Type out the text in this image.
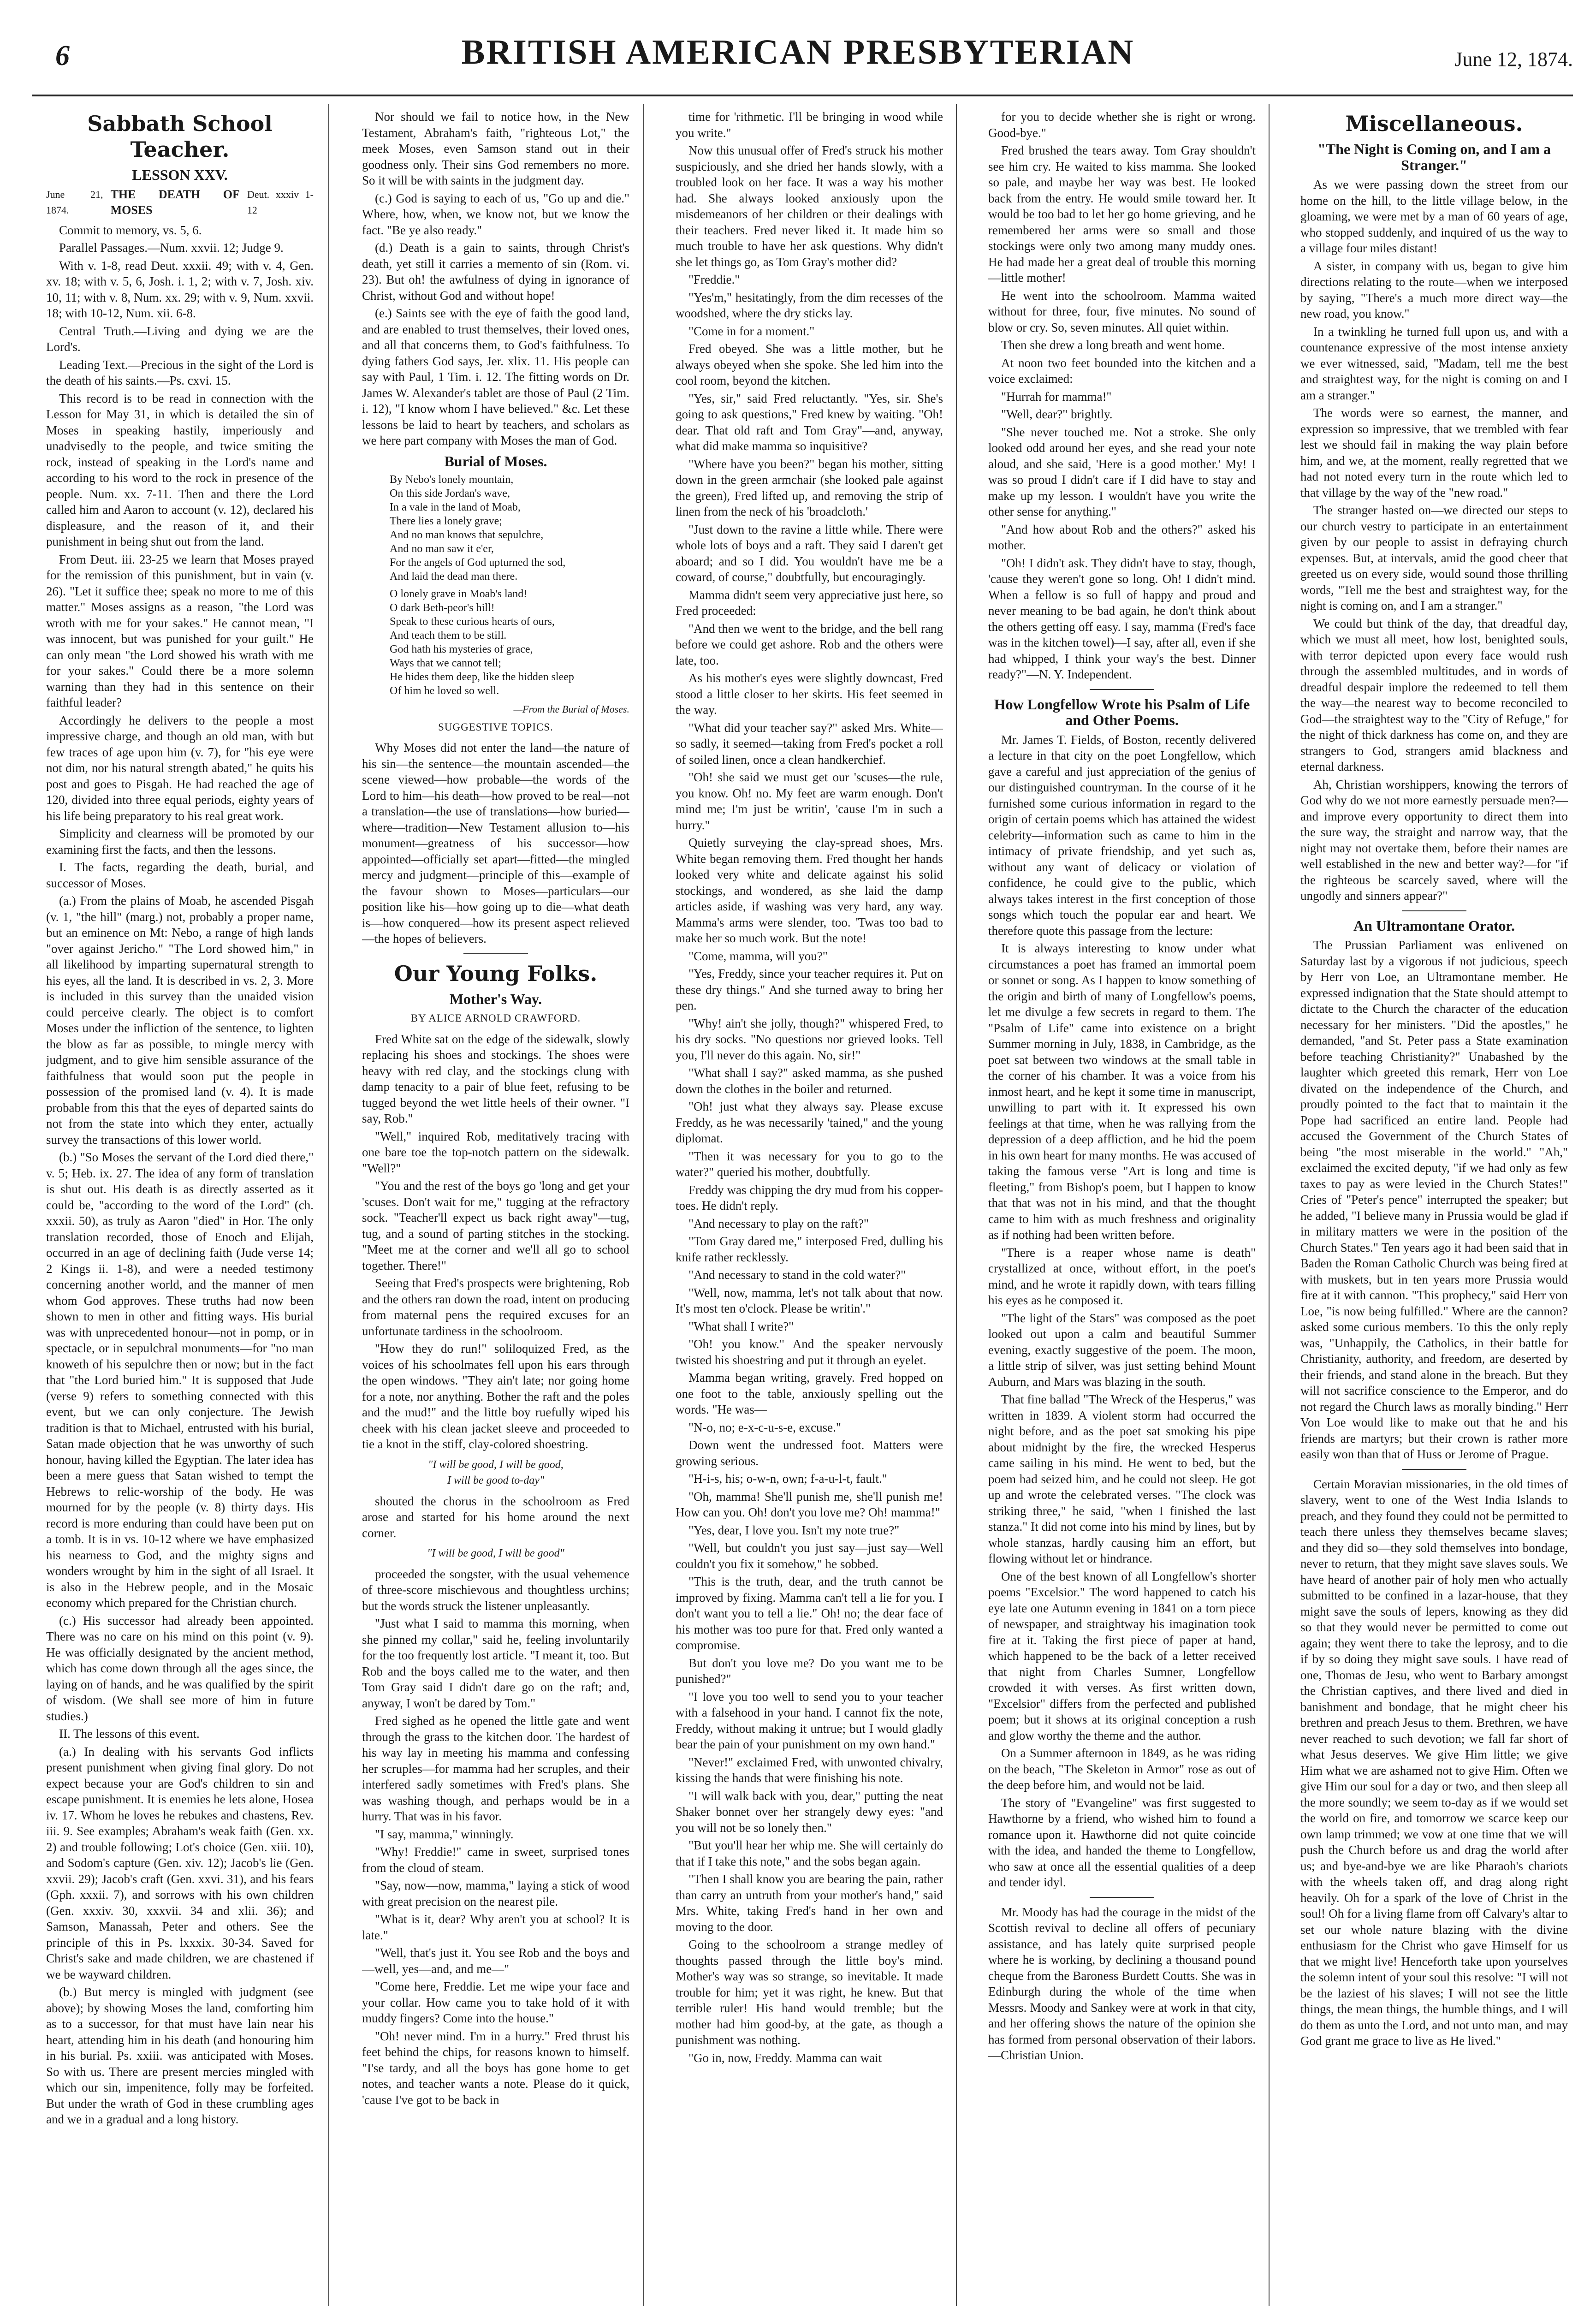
6	BRITISH AMERICAN PRESBYTERIAN	June 12, 1874.
Sabbath School Teacher.
LESSON XXV.
June 21, 1874.
THE DEATH OF MOSES
Deut. xxxiv 1-12

Commit to memory, vs. 5, 6.

Parallel Passages.—Num. xxvii. 12; Judge 9.

With v. 1-8, read Deut. xxxii. 49; with v. 4, Gen. xv. 18; with v. 5, 6, Josh. i. 1, 2; with v. 7, Josh. xiv. 10, 11; with v. 8, Num. xx. 29; with v. 9, Num. xxvii. 18; with 10-12, Num. xii. 6-8.

Central Truth.—Living and dying we are the Lord's.

Leading Text.—Precious in the sight of the Lord is the death of his saints.—Ps. cxvi. 15.

This record is to be read in connection with the Lesson for May 31, in which is detailed the sin of Moses in speaking hastily, imperiously and unadvisedly to the people, and twice smiting the rock, instead of speaking in the Lord's name and according to his word to the rock in presence of the people. Num. xx. 7-11. Then and there the Lord called him and Aaron to account (v. 12), declared his displeasure, and the reason of it, and their punishment in being shut out from the land.

From Deut. iii. 23-25 we learn that Moses prayed for the remission of this punishment, but in vain (v. 26). "Let it suffice thee; speak no more to me of this matter." Moses assigns as a reason, "the Lord was wroth with me for your sakes." He cannot mean, "I was innocent, but was punished for your guilt." He can only mean "the Lord showed his wrath with me for your sakes." Could there be a more solemn warning than they had in this sentence on their faithful leader?

Accordingly he delivers to the people a most impressive charge, and though an old man, with but few traces of age upon him (v. 7), for "his eye were not dim, nor his natural strength abated," he quits his post and goes to Pisgah. He had reached the age of 120, divided into three equal periods, eighty years of his life being preparatory to his real great work.

Simplicity and clearness will be promoted by our examining first the facts, and then the lessons.

I. The facts, regarding the death, burial, and successor of Moses.

(a.) From the plains of Moab, he ascended Pisgah (v. 1, "the hill" (marg.) not, probably a proper name, but an eminence on Mt: Nebo, a range of high lands "over against Jericho." "The Lord showed him," in all likelihood by imparting supernatural strength to his eyes, all the land. It is described in vs. 2, 3. More is included in this survey than the unaided vision could perceive clearly. The object is to comfort Moses under the infliction of the sentence, to lighten the blow as far as possible, to mingle mercy with judgment, and to give him sensible assurance of the faithfulness that would soon put the people in possession of the promised land (v. 4). It is made probable from this that the eyes of departed saints do not from the state into which they enter, actually survey the transactions of this lower world.

(b.) "So Moses the servant of the Lord died there," v. 5; Heb. ix. 27. The idea of any form of translation is shut out. His death is as directly asserted as it could be, "according to the word of the Lord" (ch. xxxii. 50), as truly as Aaron "died" in Hor. The only translation recorded, those of Enoch and Elijah, occurred in an age of declining faith (Jude verse 14; 2 Kings ii. 1-8), and were a needed testimony concerning another world, and the manner of men whom God approves. These truths had now been shown to men in other and fitting ways. His burial was with unprecedented honour—not in pomp, or in spectacle, or in sepulchral monuments—for "no man knoweth of his sepulchre then or now; but in the fact that "the Lord buried him." It is supposed that Jude (verse 9) refers to something connected with this event, but we can only conjecture. The Jewish tradition is that to Michael, entrusted with his burial, Satan made objection that he was unworthy of such honour, having killed the Egyptian. The later idea has been a mere guess that Satan wished to tempt the Hebrews to relic-worship of the body. He was mourned for by the people (v. 8) thirty days. His record is more enduring than could have been put on a tomb. It is in vs. 10-12 where we have emphasized his nearness to God, and the mighty signs and wonders wrought by him in the sight of all Israel. It is also in the Hebrew people, and in the Mosaic economy which prepared for the Christian church.

(c.) His successor had already been appointed. There was no care on his mind on this point (v. 9). He was officially designated by the ancient method, which has come down through all the ages since, the laying on of hands, and he was qualified by the spirit of wisdom. (We shall see more of him in future studies.)

II. The lessons of this event.

(a.) In dealing with his servants God inflicts present punishment when giving final glory. Do not expect because your are God's children to sin and escape punishment. It is enemies he lets alone, Hosea iv. 17. Whom he loves he rebukes and chastens, Rev. iii. 9. See examples; Abraham's weak faith (Gen. xx. 2) and trouble following; Lot's choice (Gen. xiii. 10), and Sodom's capture (Gen. xiv. 12); Jacob's lie (Gen. xxvii. 29); Jacob's craft (Gen. xxvi. 31), and his fears (Gph. xxxii. 7), and sorrows with his own children (Gen. xxxiv. 30, xxxvii. 34 and xlii. 36); and Samson, Manassah, Peter and others. See the principle of this in Ps. lxxxix. 30-34. Saved for Christ's sake and made children, we are chastened if we be wayward children.

(b.) But mercy is mingled with judgment (see above); by showing Moses the land, comforting him as to a successor, for that must have lain near his heart, attending him in his death (and honouring him in his burial. Ps. xxiii. was anticipated with Moses. So with us. There are present mercies mingled with which our sin, impenitence, folly may be forfeited. But under the wrath of God in these crumbling ages and we in a gradual and a long history.

Nor should we fail to notice how, in the New Testament, Abraham's faith, "righteous Lot," the meek Moses, even Samson stand out in their goodness only. Their sins God remembers no more. So it will be with saints in the judgment day.

(c.) God is saying to each of us, "Go up and die." Where, how, when, we know not, but we know the fact. "Be ye also ready."

(d.) Death is a gain to saints, through Christ's death, yet still it carries a memento of sin (Rom. vi. 23). But oh! the awfulness of dying in ignorance of Christ, without God and without hope!

(e.) Saints see with the eye of faith the good land, and are enabled to trust themselves, their loved ones, and all that concerns them, to God's faithfulness. To dying fathers God says, Jer. xlix. 11. His people can say with Paul, 1 Tim. i. 12. The fitting words on Dr. James W. Alexander's tablet are those of Paul (2 Tim. i. 12), "I know whom I have believed." &c. Let these lessons be laid to heart by teachers, and scholars as we here part company with Moses the man of God.

Burial of Moses.
By Nebo's lonely mountain,
On this side Jordan's wave,
In a vale in the land of Moab,
There lies a lonely grave;
And no man knows that sepulchre,
And no man saw it e'er,
For the angels of God upturned the sod,
And laid the dead man there.
O lonely grave in Moab's land!
O dark Beth-peor's hill!
Speak to these curious hearts of ours,
And teach them to be still.
God hath his mysteries of grace,
Ways that we cannot tell;
He hides them deep, like the hidden sleep
Of him he loved so well.
—From the Burial of Moses.
SUGGESTIVE TOPICS.

Why Moses did not enter the land—the nature of his sin—the sentence—the mountain ascended—the scene viewed—how probable—the words of the Lord to him—his death—how proved to be real—not a translation—the use of translations—how buried—where—tradition—New Testament allusion to—his monument—greatness of his successor—how appointed—officially set apart—fitted—the mingled mercy and judgment—principle of this—example of the favour shown to Moses—particulars—our position like his—how going up to die—what death is—how conquered—how its present aspect relieved—the hopes of believers.

Our Young Folks.
Mother's Way.
BY ALICE ARNOLD CRAWFORD.

Fred White sat on the edge of the sidewalk, slowly replacing his shoes and stockings. The shoes were heavy with red clay, and the stockings clung with damp tenacity to a pair of blue feet, refusing to be tugged beyond the wet little heels of their owner. "I say, Rob."

"Well," inquired Rob, meditatively tracing with one bare toe the top-notch pattern on the sidewalk. "Well?"

"You and the rest of the boys go 'long and get your 'scuses. Don't wait for me," tugging at the refractory sock. "Teacher'll expect us back right away"—tug, tug, and a sound of parting stitches in the stocking. "Meet me at the corner and we'll all go to school together. There!"

Seeing that Fred's prospects were brightening, Rob and the others ran down the road, intent on producing from maternal pens the required excuses for an unfortunate tardiness in the schoolroom.

"How they do run!" soliloquized Fred, as the voices of his schoolmates fell upon his ears through the open windows. "They ain't late; nor going home for a note, nor anything. Bother the raft and the poles and the mud!" and the little boy ruefully wiped his cheek with his clean jacket sleeve and proceeded to tie a knot in the stiff, clay-colored shoestring.

"I will be good, I will be good,
I will be good to-day"

shouted the chorus in the schoolroom as Fred arose and started for his home around the next corner.

"I will be good, I will be good"

proceeded the songster, with the usual vehemence of three-score mischievous and thoughtless urchins; but the words struck the listener unpleasantly.

"Just what I said to mamma this morning, when she pinned my collar," said he, feeling involuntarily for the too frequently lost article. "I meant it, too. But Rob and the boys called me to the water, and then Tom Gray said I didn't dare go on the raft; and, anyway, I won't be dared by Tom."

Fred sighed as he opened the little gate and went through the grass to the kitchen door. The hardest of his way lay in meeting his mamma and confessing her scruples—for mamma had her scruples, and their interfered sadly sometimes with Fred's plans. She was washing though, and perhaps would be in a hurry. That was in his favor.

"I say, mamma," winningly.

"Why! Freddie!" came in sweet, surprised tones from the cloud of steam.

"Say, now—now, mamma," laying a stick of wood with great precision on the nearest pile.

"What is it, dear? Why aren't you at school? It is late."

"Well, that's just it. You see Rob and the boys and—well, yes—and, and me—"

"Come here, Freddie. Let me wipe your face and your collar. How came you to take hold of it with muddy fingers? Come into the house."

"Oh! never mind. I'm in a hurry." Fred thrust his feet behind the chips, for reasons known to himself. "I'se tardy, and all the boys has gone home to get notes, and teacher wants a note. Please do it quick, 'cause I've got to be back in

time for 'rithmetic. I'll be bringing in wood while you write."

Now this unusual offer of Fred's struck his mother suspiciously, and she dried her hands slowly, with a troubled look on her face. It was a way his mother had. She always looked anxiously upon the misdemeanors of her children or their dealings with their teachers. Fred never liked it. It made him so much trouble to have her ask questions. Why didn't she let things go, as Tom Gray's mother did?

"Freddie."

"Yes'm," hesitatingly, from the dim recesses of the woodshed, where the dry sticks lay.

"Come in for a moment."

Fred obeyed. She was a little mother, but he always obeyed when she spoke. She led him into the cool room, beyond the kitchen.

"Yes, sir," said Fred reluctantly. "Yes, sir. She's going to ask questions," Fred knew by waiting. "Oh! dear. That old raft and Tom Gray"—and, anyway, what did make mamma so inquisitive?

"Where have you been?" began his mother, sitting down in the green armchair (she looked pale against the green), Fred lifted up, and removing the strip of linen from the neck of his 'broadcloth.'

"Just down to the ravine a little while. There were whole lots of boys and a raft. They said I daren't get aboard; and so I did. You wouldn't have me be a coward, of course," doubtfully, but encouragingly.

Mamma didn't seem very appreciative just here, so Fred proceeded:

"And then we went to the bridge, and the bell rang before we could get ashore. Rob and the others were late, too.

As his mother's eyes were slightly downcast, Fred stood a little closer to her skirts. His feet seemed in the way.

"What did your teacher say?" asked Mrs. White—so sadly, it seemed—taking from Fred's pocket a roll of soiled linen, once a clean handkerchief.

"Oh! she said we must get our 'scuses—the rule, you know. Oh! no. My feet are warm enough. Don't mind me; I'm just be writin', 'cause I'm in such a hurry."

Quietly surveying the clay-spread shoes, Mrs. White began removing them. Fred thought her hands looked very white and delicate against his solid stockings, and wondered, as she laid the damp articles aside, if washing was very hard, any way. Mamma's arms were slender, too. 'Twas too bad to make her so much work. But the note!

"Come, mamma, will you?"

"Yes, Freddy, since your teacher requires it. Put on these dry things." And she turned away to bring her pen.

"Why! ain't she jolly, though?" whispered Fred, to his dry socks. "No questions nor grieved looks. Tell you, I'll never do this again. No, sir!"

"What shall I say?" asked mamma, as she pushed down the clothes in the boiler and returned.

"Oh! just what they always say. Please excuse Freddy, as he was necessarily 'tained," and the young diplomat.

"Then it was necessary for you to go to the water?" queried his mother, doubtfully.

Freddy was chipping the dry mud from his copper-toes. He didn't reply.

"And necessary to play on the raft?"

"Tom Gray dared me," interposed Fred, dulling his knife rather recklessly.

"And necessary to stand in the cold water?"

"Well, now, mamma, let's not talk about that now. It's most ten o'clock. Please be writin'."

"What shall I write?"

"Oh! you know." And the speaker nervously twisted his shoestring and put it through an eyelet.

Mamma began writing, gravely. Fred hopped on one foot to the table, anxiously spelling out the words. "He was—

"N-o, no; e-x-c-u-s-e, excuse."

Down went the undressed foot. Matters were growing serious.

"H-i-s, his; o-w-n, own; f-a-u-l-t, fault."

"Oh, mamma! She'll punish me, she'll punish me! How can you. Oh! don't you love me? Oh! mamma!"

"Yes, dear, I love you. Isn't my note true?"

"Well, but couldn't you just say—just say—Well couldn't you fix it somehow," he sobbed.

"This is the truth, dear, and the truth cannot be improved by fixing. Mamma can't tell a lie for you. I don't want you to tell a lie." Oh! no; the dear face of his mother was too pure for that. Fred only wanted a compromise.

But don't you love me? Do you want me to be punished?"

"I love you too well to send you to your teacher with a falsehood in your hand. I cannot fix the note, Freddy, without making it untrue; but I would gladly bear the pain of your punishment on my own hand."

"Never!" exclaimed Fred, with unwonted chivalry, kissing the hands that were finishing his note.

"I will walk back with you, dear," putting the neat Shaker bonnet over her strangely dewy eyes: "and you will not be so lonely then."

"But you'll hear her whip me. She will certainly do that if I take this note," and the sobs began again.

"Then I shall know you are bearing the pain, rather than carry an untruth from your mother's hand," said Mrs. White, taking Fred's hand in her own and moving to the door.

Going to the schoolroom a strange medley of thoughts passed through the little boy's mind. Mother's way was so strange, so inevitable. It made trouble for him; yet it was right, he knew. But that terrible ruler! His hand would tremble; but the mother had him good-by, at the gate, as though a punishment was nothing.

"Go in, now, Freddy. Mamma can wait

for you to decide whether she is right or wrong. Good-bye."

Fred brushed the tears away. Tom Gray shouldn't see him cry. He waited to kiss mamma. She looked so pale, and maybe her way was best. He looked back from the entry. He would smile toward her. It would be too bad to let her go home grieving, and he remembered her arms were so small and those stockings were only two among many muddy ones. He had made her a great deal of trouble this morning—little mother!

He went into the schoolroom. Mamma waited without for three, four, five minutes. No sound of blow or cry. So, seven minutes. All quiet within.

Then she drew a long breath and went home.

At noon two feet bounded into the kitchen and a voice exclaimed:

"Hurrah for mamma!"

"Well, dear?" brightly.

"She never touched me. Not a stroke. She only looked odd around her eyes, and she read your note aloud, and she said, 'Here is a good mother.' My! I was so proud I didn't care if I did have to stay and make up my lesson. I wouldn't have you write the other sense for anything."

"And how about Rob and the others?" asked his mother.

"Oh! I didn't ask. They didn't have to stay, though, 'cause they weren't gone so long. Oh! I didn't mind. When a fellow is so full of happy and proud and never meaning to be bad again, he don't think about the others getting off easy. I say, mamma (Fred's face was in the kitchen towel)—I say, after all, even if she had whipped, I think your way's the best. Dinner ready?"—N. Y. Independent.

How Longfellow Wrote his Psalm of Life and Other Poems.

Mr. James T. Fields, of Boston, recently delivered a lecture in that city on the poet Longfellow, which gave a careful and just appreciation of the genius of our distinguished countryman. In the course of it he furnished some curious information in regard to the origin of certain poems which has attained the widest celebrity—information such as came to him in the intimacy of private friendship, and yet such as, without any want of delicacy or violation of confidence, he could give to the public, which always takes interest in the first conception of those songs which touch the popular ear and heart. We therefore quote this passage from the lecture:

It is always interesting to know under what circumstances a poet has framed an immortal poem or sonnet or song. As I happen to know something of the origin and birth of many of Longfellow's poems, let me divulge a few secrets in regard to them. The "Psalm of Life" came into existence on a bright Summer morning in July, 1838, in Cambridge, as the poet sat between two windows at the small table in the corner of his chamber. It was a voice from his inmost heart, and he kept it some time in manuscript, unwilling to part with it. It expressed his own feelings at that time, when he was rallying from the depression of a deep affliction, and he hid the poem in his own heart for many months. He was accused of taking the famous verse "Art is long and time is fleeting," from Bishop's poem, but I happen to know that that was not in his mind, and that the thought came to him with as much freshness and originality as if nothing had been written before.

"There is a reaper whose name is death" crystallized at once, without effort, in the poet's mind, and he wrote it rapidly down, with tears filling his eyes as he composed it.

"The light of the Stars" was composed as the poet looked out upon a calm and beautiful Summer evening, exactly suggestive of the poem. The moon, a little strip of silver, was just setting behind Mount Auburn, and Mars was blazing in the south.

That fine ballad "The Wreck of the Hesperus," was written in 1839. A violent storm had occurred the night before, and as the poet sat smoking his pipe about midnight by the fire, the wrecked Hesperus came sailing in his mind. He went to bed, but the poem had seized him, and he could not sleep. He got up and wrote the celebrated verses. "The clock was striking three," he said, "when I finished the last stanza." It did not come into his mind by lines, but by whole stanzas, hardly causing him an effort, but flowing without let or hindrance.

One of the best known of all Longfellow's shorter poems "Excelsior." The word happened to catch his eye late one Autumn evening in 1841 on a torn piece of newspaper, and straightway his imagination took fire at it. Taking the first piece of paper at hand, which happened to be the back of a letter received that night from Charles Sumner, Longfellow crowded it with verses. As first written down, "Excelsior" differs from the perfected and published poem; but it shows at its original conception a rush and glow worthy the theme and the author.

On a Summer afternoon in 1849, as he was riding on the beach, "The Skeleton in Armor" rose as out of the deep before him, and would not be laid.

The story of "Evangeline" was first suggested to Hawthorne by a friend, who wished him to found a romance upon it. Hawthorne did not quite coincide with the idea, and handed the theme to Longfellow, who saw at once all the essential qualities of a deep and tender idyl.

Mr. Moody has had the courage in the midst of the Scottish revival to decline all offers of pecuniary assistance, and has lately quite surprised people where he is working, by declining a thousand pound cheque from the Baroness Burdett Coutts. She was in Edinburgh during the whole of the time when Messrs. Moody and Sankey were at work in that city, and her offering shows the nature of the opinion she has formed from personal observation of their labors.—Christian Union.

Miscellaneous.
"The Night is Coming on, and I am a Stranger."

As we were passing down the street from our home on the hill, to the little village below, in the gloaming, we were met by a man of 60 years of age, who stopped suddenly, and inquired of us the way to a village four miles distant!

A sister, in company with us, began to give him directions relating to the route—when we interposed by saying, "There's a much more direct way—the new road, you know."

In a twinkling he turned full upon us, and with a countenance expressive of the most intense anxiety we ever witnessed, said, "Madam, tell me the best and straightest way, for the night is coming on and I am a stranger."

The words were so earnest, the manner, and expression so impressive, that we trembled with fear lest we should fail in making the way plain before him, and we, at the moment, really regretted that we had not noted every turn in the route which led to that village by the way of the "new road."

The stranger hasted on—we directed our steps to our church vestry to participate in an entertainment given by our people to assist in defraying church expenses. But, at intervals, amid the good cheer that greeted us on every side, would sound those thrilling words, "Tell me the best and straightest way, for the night is coming on, and I am a stranger."

We could but think of the day, that dreadful day, which we must all meet, how lost, benighted souls, with terror depicted upon every face would rush through the assembled multitudes, and in words of dreadful despair implore the redeemed to tell them the way—the nearest way to become reconciled to God—the straightest way to the "City of Refuge," for the night of thick darkness has come on, and they are strangers to God, strangers amid blackness and eternal darkness.

Ah, Christian worshippers, knowing the terrors of God why do we not more earnestly persuade men?—and improve every opportunity to direct them into the sure way, the straight and narrow way, that the night may not overtake them, before their names are well established in the new and better way?—for "if the righteous be scarcely saved, where will the ungodly and sinners appear?"

An Ultramontane Orator.

The Prussian Parliament was enlivened on Saturday last by a vigorous if not judicious, speech by Herr von Loe, an Ultramontane member. He expressed indignation that the State should attempt to dictate to the Church the character of the education necessary for her ministers. "Did the apostles," he demanded, "and St. Peter pass a State examination before teaching Christianity?" Unabashed by the laughter which greeted this remark, Herr von Loe divated on the independence of the Church, and proudly pointed to the fact that to maintain it the Pope had sacrificed an entire land. People had accused the Government of the Church States of being "the most miserable in the world." "Ah," exclaimed the excited deputy, "if we had only as few taxes to pay as were levied in the Church States!" Cries of "Peter's pence" interrupted the speaker; but he added, "I believe many in Prussia would be glad if in military matters we were in the position of the Church States." Ten years ago it had been said that in Baden the Roman Catholic Church was being fired at with muskets, but in ten years more Prussia would fire at it with cannon. "This prophecy," said Herr von Loe, "is now being fulfilled." Where are the cannon? asked some curious members. To this the only reply was, "Unhappily, the Catholics, in their battle for Christianity, authority, and freedom, are deserted by their friends, and stand alone in the breach. But they will not sacrifice conscience to the Emperor, and do not regard the Church laws as morally binding." Herr Von Loe would like to make out that he and his friends are martyrs; but their crown is rather more easily won than that of Huss or Jerome of Prague.

Certain Moravian missionaries, in the old times of slavery, went to one of the West India Islands to preach, and they found they could not be permitted to teach there unless they themselves became slaves; and they did so—they sold themselves into bondage, never to return, that they might save slaves souls. We have heard of another pair of holy men who actually submitted to be confined in a lazar-house, that they might save the souls of lepers, knowing as they did so that they would never be permitted to come out again; they went there to take the leprosy, and to die if by so doing they might save souls. I have read of one, Thomas de Jesu, who went to Barbary amongst the Christian captives, and there lived and died in banishment and bondage, that he might cheer his brethren and preach Jesus to them. Brethren, we have never reached to such devotion; we fall far short of what Jesus deserves. We give Him little; we give Him what we are ashamed not to give Him. Often we give Him our soul for a day or two, and then sleep all the more soundly; we seem to-day as if we would set the world on fire, and tomorrow we scarce keep our own lamp trimmed; we vow at one time that we will push the Church before us and drag the world after us; and bye-and-bye we are like Pharaoh's chariots with the wheels taken off, and drag along right heavily. Oh for a spark of the love of Christ in the soul! Oh for a living flame from off Calvary's altar to set our whole nature blazing with the divine enthusiasm for the Christ who gave Himself for us that we might live! Henceforth take upon yourselves the solemn intent of your soul this resolve: "I will not be the laziest of his slaves; I will not see the little things, the mean things, the humble things, and I will do them as unto the Lord, and not unto man, and may God grant me grace to live as He lived."
